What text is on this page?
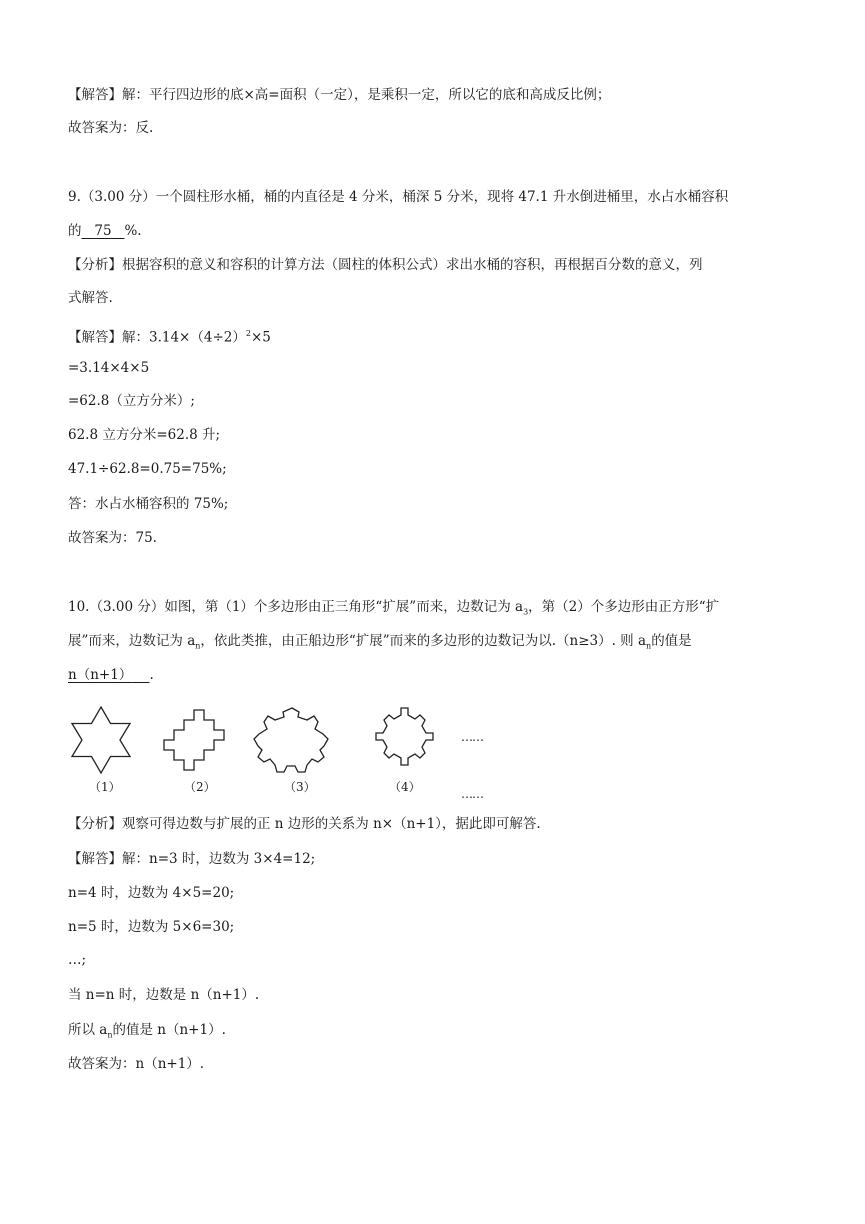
【解答】解：平行四边形的底×高=面积（一定），是乘积一定，所以它的底和高成反比例；
故答案为：反.
9.（3.00 分）一个圆柱形水桶，桶的内直径是 4 分米，桶深 5 分米，现将 47.1 升水倒进桶里，水占水桶容积
的 75 %.
【分析】根据容积的意义和容积的计算方法（圆柱的体积公式）求出水桶的容积，再根据百分数的意义，列
式解答.
【解答】解：$3.14\times(4\div 2)^2\times 5$
=3.14×4×5
=62.8（立方分米）;
62.8 立方分米=62.8 升;
47.1÷62.8=0.75=75%;
答：水占水桶容积的 75%;
故答案为：75.
10.（3.00 分）如图，第（1）个多边形由正三角形“扩展”而来，边数记为 $a_3$，第（2）个多边形由正方形“扩
展”而来，边数记为 $a_n$，依此类推，由正船边形“扩展”而来的多边形的边数记为以.（n≥3）. 则 $a_n$的值是
n（n+1） .
（1）	（2）	（3）	（4）
……
……
【分析】观察可得边数与扩展的正 n 边形的关系为 n×（n+1），据此即可解答.
【解答】解：n=3 时，边数为 3×4=12;
n=4 时，边数为 4×5=20;
n=5 时，边数为 5×6=30;
…;
当 n=n 时，边数是 n（n+1）.
所以 $a_n$的值是 n（n+1）.
故答案为：n（n+1）.
